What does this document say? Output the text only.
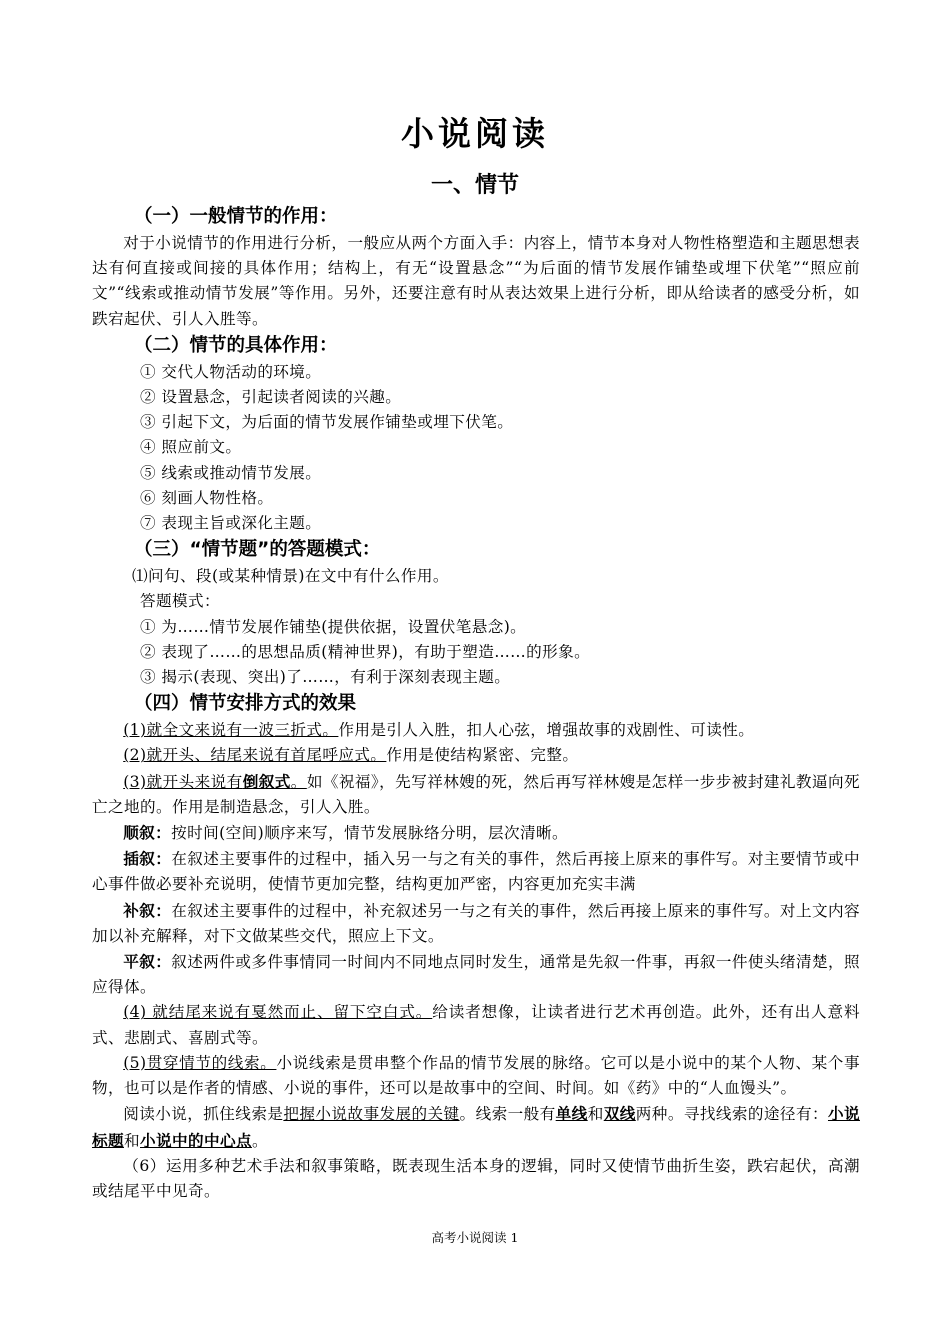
小说阅读
一、情节

（一）一般情节的作用：

对于小说情节的作用进行分析，一般应从两个方面入手：内容上，情节本身对人物性格塑造和主题思想表达有何直接或间接的具体作用；结构上，有无“设置悬念”“为后面的情节发展作铺垫或埋下伏笔”“照应前文”“线索或推动情节发展”等作用。另外，还要注意有时从表达效果上进行分析，即从给读者的感受分析，如跌宕起伏、引人入胜等。

（二）情节的具体作用：

① 交代人物活动的环境。

② 设置悬念，引起读者阅读的兴趣。

③ 引起下文，为后面的情节发展作铺垫或埋下伏笔。

④ 照应前文。

⑤ 线索或推动情节发展。

⑥ 刻画人物性格。

⑦ 表现主旨或深化主题。

（三）“情节题”的答题模式：

⑴问句、段(或某种情景)在文中有什么作用。

答题模式：

① 为……情节发展作铺垫(提供依据，设置伏笔悬念)。

② 表现了……的思想品质(精神世界)，有助于塑造……的形象。

③ 揭示(表现、突出)了……，有利于深刻表现主题。

（四）情节安排方式的效果

(1)就全文来说有一波三折式。作用是引人入胜，扣人心弦，增强故事的戏剧性、可读性。

(2)就开头、结尾来说有首尾呼应式。作用是使结构紧密、完整。

(3)就开头来说有倒叙式。如《祝福》，先写祥林嫂的死，然后再写祥林嫂是怎样一步步被封建礼教逼向死亡之地的。作用是制造悬念，引人入胜。

顺叙：按时间(空间)顺序来写，情节发展脉络分明，层次清晰。

插叙：在叙述主要事件的过程中，插入另一与之有关的事件，然后再接上原来的事件写。对主要情节或中心事件做必要补充说明，使情节更加完整，结构更加严密，内容更加充实丰满

补叙：在叙述主要事件的过程中，补充叙述另一与之有关的事件，然后再接上原来的事件写。对上文内容加以补充解释，对下文做某些交代，照应上下文。

平叙：叙述两件或多件事情同一时间内不同地点同时发生，通常是先叙一件事，再叙一件使头绪清楚，照应得体。

(4) 就结尾来说有戛然而止、留下空白式。给读者想像，让读者进行艺术再创造。此外，还有出人意料式、悲剧式、喜剧式等。

(5)贯穿情节的线索。小说线索是贯串整个作品的情节发展的脉络。它可以是小说中的某个人物、某个事物，也可以是作者的情感、小说的事件，还可以是故事中的空间、时间。如《药》中的“人血馒头”。

阅读小说，抓住线索是把握小说故事发展的关键。线索一般有单线和双线两种。寻找线索的途径有：小说标题和小说中的中心点。

（6）运用多种艺术手法和叙事策略，既表现生活本身的逻辑，同时又使情节曲折生姿，跌宕起伏，高潮或结尾平中见奇。

高考小说阅读 1
